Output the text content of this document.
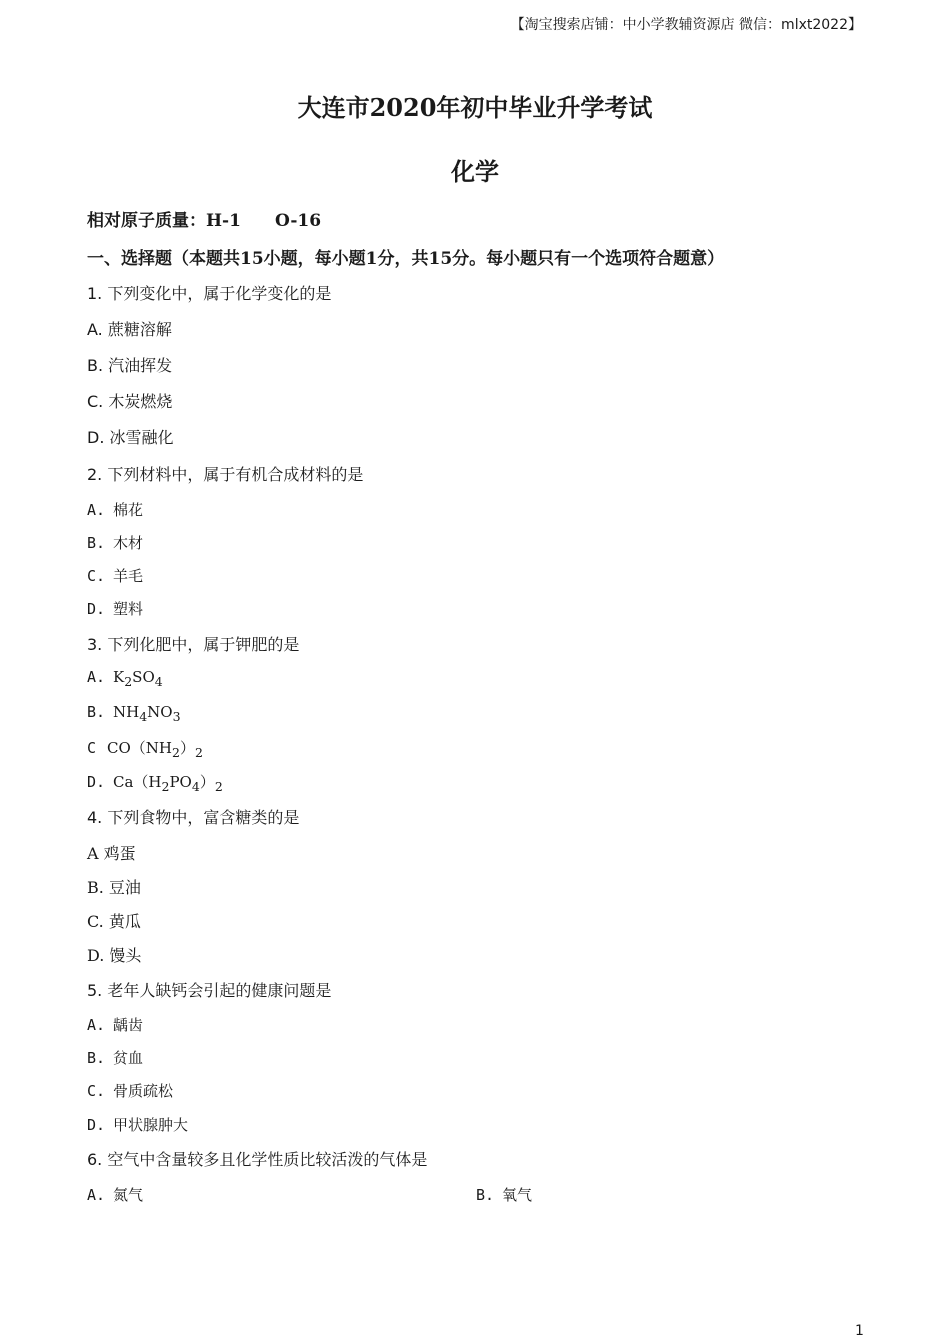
【淘宝搜索店铺：中小学教辅资源店 微信：mlxt2022】
大连市2020年初中毕业升学考试
化学
相对原子质量：H-1　　O-16
一、选择题（本题共15小题，每小题1分，共15分。每小题只有一个选项符合题意）
1. 下列变化中，属于化学变化的是
A. 蔗糖溶解
B. 汽油挥发
C. 木炭燃烧
D. 冰雪融化
2. 下列材料中，属于有机合成材料的是
A. 棉花
B. 木材
C. 羊毛
D. 塑料
3. 下列化肥中，属于钾肥的是
A. $K_2SO_4$
B. $NH_4NO_3$
C $CO(NH_2)_2$
D. $Ca(H_2PO_4)_2$
4. 下列食物中，富含糖类的是
A 鸡蛋
B. 豆油
C. 黄瓜
D. 馒头
5. 老年人缺钙会引起的健康问题是
A. 龋齿
B. 贫血
C. 骨质疏松
D. 甲状腺肿大
6. 空气中含量较多且化学性质比较活泼的气体是
A. 氮气	B. 氧气
1
